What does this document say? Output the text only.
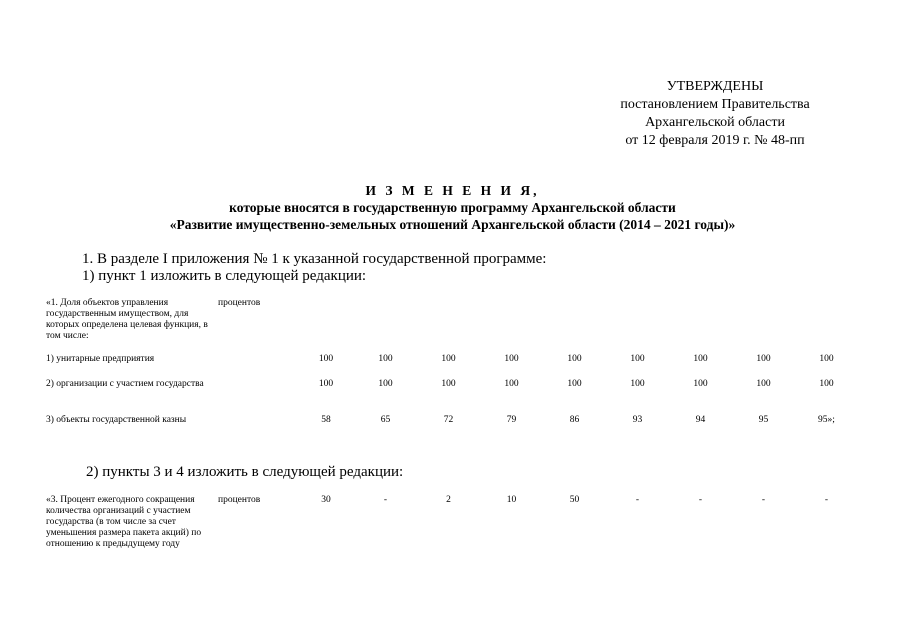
УТВЕРЖДЕНЫ
постановлением Правительства
Архангельской области
от 12 февраля 2019 г. № 48-пп
И З М Е Н Е Н И Я,
которые вносятся в государственную программу Архангельской области
«Развитие имущественно-земельных отношений Архангельской области (2014 – 2021 годы)»
1. В разделе I приложения № 1 к указанной государственной программе:
1) пункт 1 изложить в следующей редакции:
«1. Доля объектов управления государственным имуществом, для которых определена целевая функция, в том числе:	процентов									
1) унитарные предприятия		100	100	100	100	100	100	100	100	100
2) организации с участием государства		100	100	100	100	100	100	100	100	100
3) объекты государственной казны		58	65	72	79	86	93	94	95	95»;
2) пункты 3 и 4 изложить в следующей редакции:
«3. Процент ежегодного сокращения количества организаций с участием государства (в том числе за счет уменьшения размера пакета акций) по отношению к предыдущему году	процентов	30	-	2	10	50	-	-	-	-
